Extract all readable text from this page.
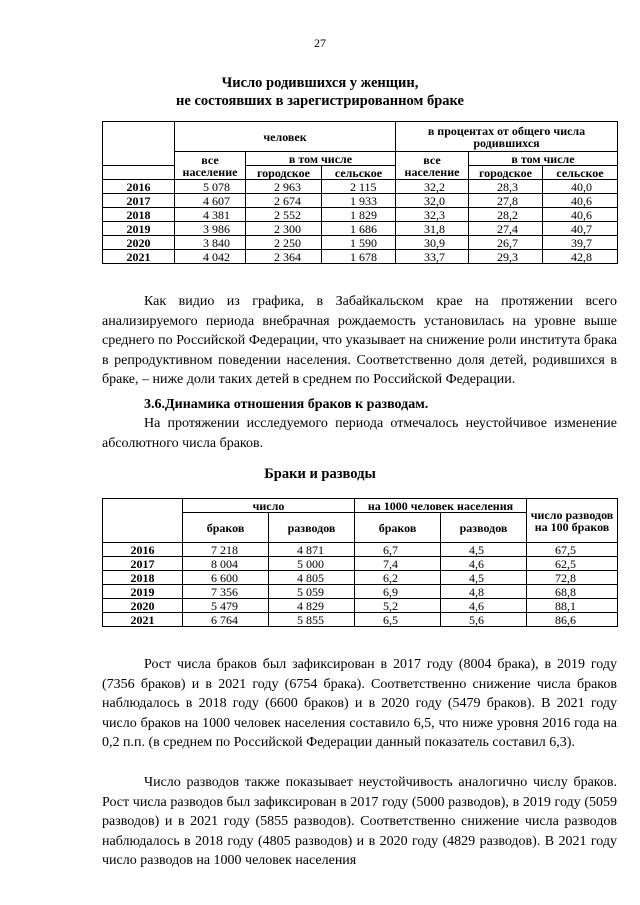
27
Число родившихся у женщин,
не состоявших в зарегистрированном браке
	человек			в процентах от общего числа родившихся		
	все население	в том числе		все население	в том числе	
		городское	сельское		городское	сельское
2016	5 078	2 963	2 115	32,2	28,3	40,0
2017	4 607	2 674	1 933	32,0	27,8	40,6
2018	4 381	2 552	1 829	32,3	28,2	40,6
2019	3 986	2 300	1 686	31,8	27,4	40,7
2020	3 840	2 250	1 590	30,9	26,7	39,7
2021	4 042	2 364	1 678	33,7	29,3	42,8

Как видио из графика, в Забайкальском крае на протяжении всего анализируемого периода внебрачная рождаемость установилась на уровне выше среднего по Российской Федерации, что указывает на снижение роли института брака в репродуктивном поведении населения. Соответственно доля детей, родившихся в браке, – ниже доли таких детей в среднем по Российской Федерации.

3.6.Динамика отношения браков к разводам.

На протяжении исследуемого периода отмечалось неустойчивое изменение абсолютного числа браков.

Браки и разводы
	число		на 1000 человек населения		число разводов на 100 браков
	браков	разводов	браков	разводов	
2016	7 218	4 871	6,7	4,5	67,5
2017	8 004	5 000	7,4	4,6	62,5
2018	6 600	4 805	6,2	4,5	72,8
2019	7 356	5 059	6,9	4,8	68,8
2020	5 479	4 829	5,2	4,6	88,1
2021	6 764	5 855	6,5	5,6	86,6

Рост числа браков был зафиксирован в 2017 году (8004 брака), в 2019 году (7356 браков) и в 2021 году (6754 брака). Соответственно снижение числа браков наблюдалось в 2018 году (6600 браков) и в 2020 году (5479 браков). В 2021 году число браков на 1000 человек населения составило 6,5, что ниже уровня 2016 года на 0,2 п.п. (в среднем по Российской Федерации данный показатель составил 6,3).

Число разводов также показывает неустойчивость аналогично числу браков. Рост числа разводов был зафиксирован в 2017 году (5000 разводов), в 2019 году (5059 разводов) и в 2021 году (5855 разводов). Соответственно снижение числа разводов наблюдалось в 2018 году (4805 разводов) и в 2020 году (4829 разводов). В 2021 году число разводов на 1000 человек населения
